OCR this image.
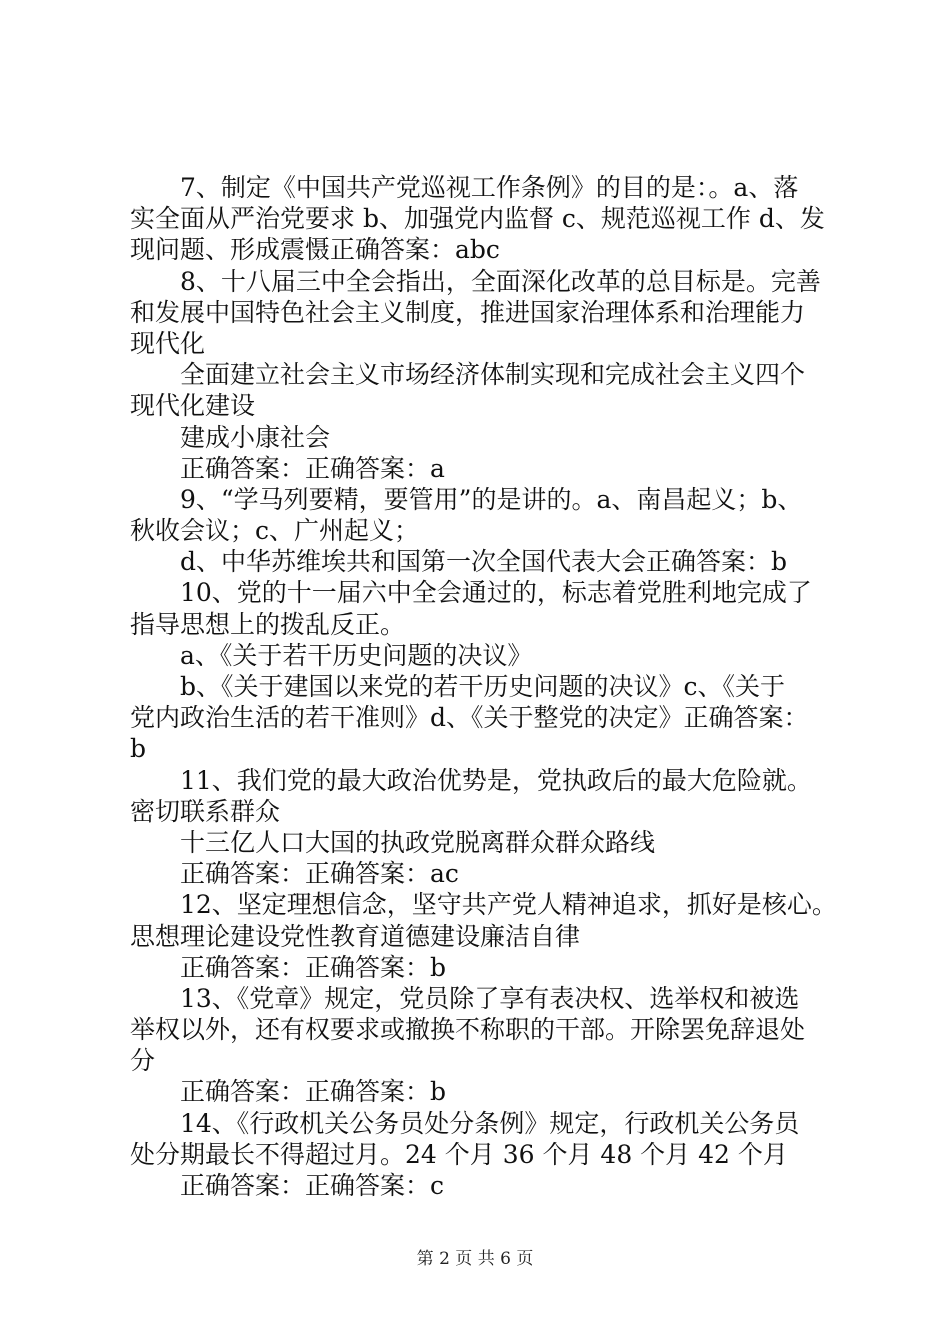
7、制定《中国共产党巡视工作条例》的目的是：。a、落
实全面从严治党要求 b、加强党内监督 c、规范巡视工作 d、发
现问题、形成震慑正确答案：abc
8、十八届三中全会指出，全面深化改革的总目标是。完善
和发展中国特色社会主义制度，推进国家治理体系和治理能力
现代化
全面建立社会主义市场经济体制实现和完成社会主义四个
现代化建设
建成小康社会
正确答案：正确答案：a
9、“学马列要精，要管用”的是讲的。a、南昌起义；b、
秋收会议；c、广州起义；
d、中华苏维埃共和国第一次全国代表大会正确答案：b
10、党的十一届六中全会通过的，标志着党胜利地完成了
指导思想上的拨乱反正。
a、《关于若干历史问题的决议》
b、《关于建国以来党的若干历史问题的决议》c、《关于
党内政治生活的若干准则》d、《关于整党的决定》正确答案：
b
11、我们党的最大政治优势是，党执政后的最大危险就。
密切联系群众
十三亿人口大国的执政党脱离群众群众路线
正确答案：正确答案：ac
12、坚定理想信念，坚守共产党人精神追求，抓好是核心。
思想理论建设党性教育道德建设廉洁自律
正确答案：正确答案：b
13、《党章》规定，党员除了享有表决权、选举权和被选
举权以外，还有权要求或撤换不称职的干部。开除罢免辞退处
分
正确答案：正确答案：b
14、《行政机关公务员处分条例》规定，行政机关公务员
处分期最长不得超过月。24 个月 36 个月 48 个月 42 个月
正确答案：正确答案：c
第 2 页 共 6 页
